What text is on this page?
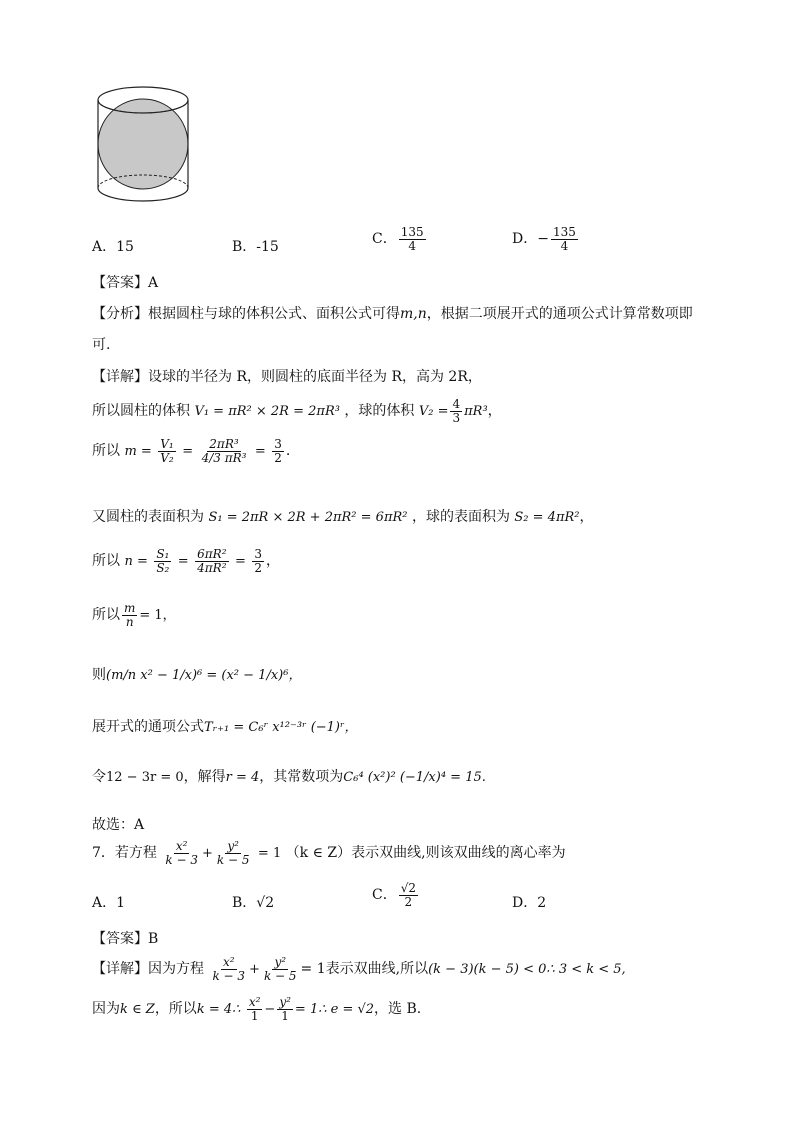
A．15	B．-15	C． $\frac{135}{4}$	D．− $\frac{135}{4}$
【答案】A
【分析】根据圆柱与球的体积公式、面积公式可得m,n，根据二项展开式的通项公式计算常数项即
可.
【详解】设球的半径为 R，则圆柱的底面半径为 R，高为 2R，
所以圆柱的体积 V₁ = πR² × 2R = 2πR³ ，球的体积 $V_2 = \frac{4}{3} \pi R^3$，
所以 $m = \frac{\text{V₁}}{\text{V₂}} = \frac{\text{2πR³}}{\text{4/3 πR³}} = \frac{3}{2}$ .
又圆柱的表面积为 S₁ = 2πR × 2R + 2πR² = 6πR² ，球的表面积为 S₂ = 4πR²，
所以 $n = \frac{\text{S₁}}{\text{S₂}} = \frac{\text{6πR²}}{\text{4πR²}} = \frac{3}{2}$ ，
所以 $\frac{m}{n} = 1$，
则(m/n x² − 1/x)⁶ = (x² − 1/x)⁶，
展开式的通项公式Tᵣ₊₁ = C₆ʳ x¹²⁻³ʳ (−1)ʳ，
令12 − 3r = 0，解得r = 4，其常数项为C₆⁴ (x²)² (−1/x)⁴ = 15.
故选：A
7．若方程 $\frac{\text{x²}}{k - 3} + \frac{\text{y²}}{k - 5} = 1$ （k ∈ Z）表示双曲线,则该双曲线的离心率为
A．1	B．√2	C． $\frac{√2}{2}$	D．2
【答案】B
【详解】因为方程 $\frac{\text{x²}}{k - 3} + \frac{\text{y²}}{k - 5} = 1$表示双曲线,所以(k − 3)(k − 5) < 0∴ 3 < k < 5,
因为k ∈ Z，所以k = 4∴ $\frac{\text{x²}}{1} - \frac{\text{y²}}{1}$ = 1∴ e = √2，选 B.
